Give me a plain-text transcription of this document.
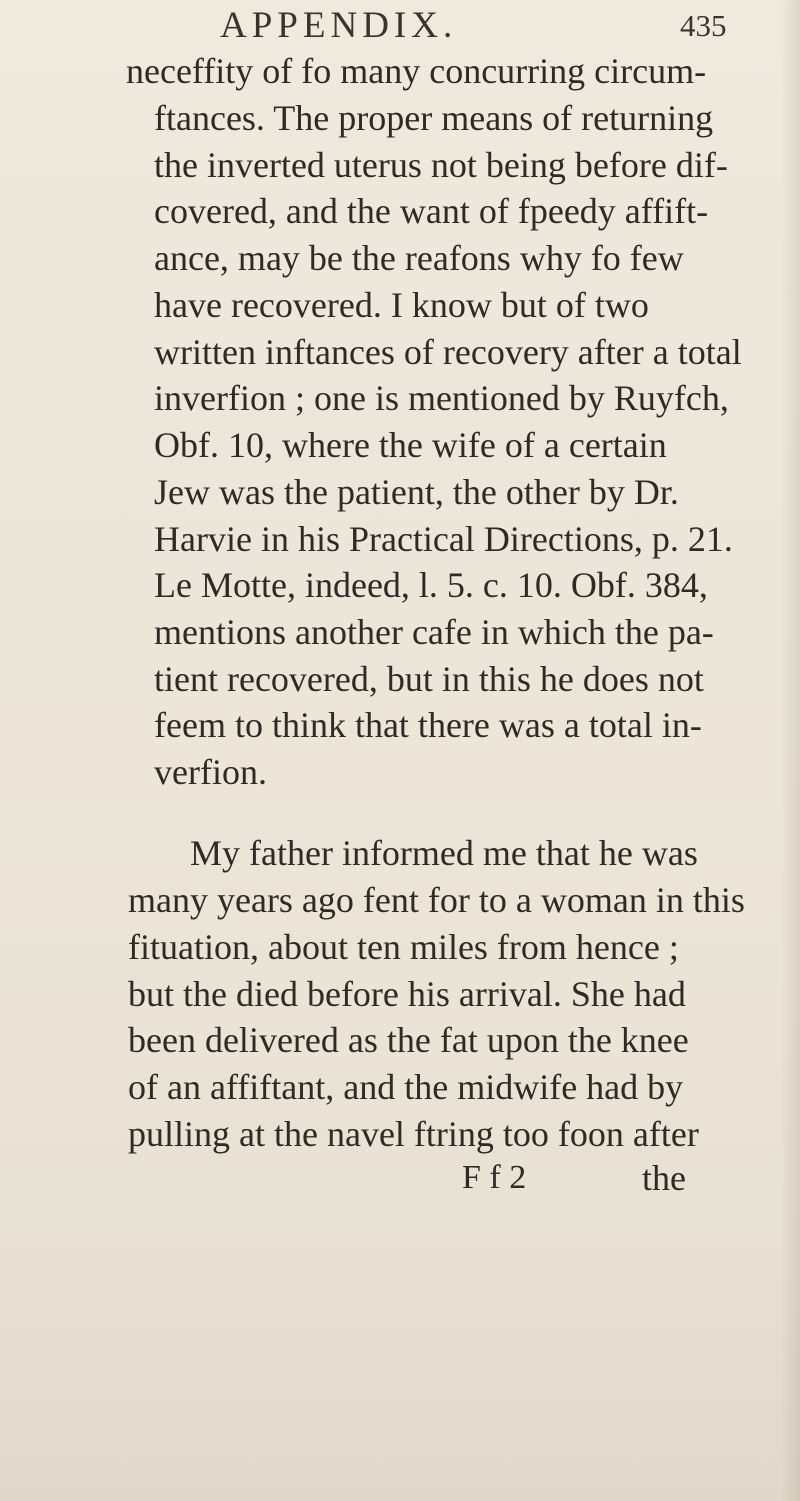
APPENDIX.	435
neceffity of fo many concurring circum-
ftances. The proper means of returning
the inverted uterus not being before dif-
covered, and the want of fpeedy affift-
ance, may be the reafons why fo few
have recovered. I know but of two
written inftances of recovery after a total
inverfion ; one is mentioned by Ruyfch,
Obf. 10, where the wife of a certain
Jew was the patient, the other by Dr.
Harvie in his Practical Directions, p. 21.
Le Motte, indeed, l. 5. c. 10. Obf. 384,
mentions another cafe in which the pa-
tient recovered, but in this he does not
feem to think that there was a total in-
verfion.
My father informed me that he was
many years ago fent for to a woman in this
fituation, about ten miles from hence ;
but the died before his arrival. She had
been delivered as the fat upon the knee
of an affiftant, and the midwife had by
pulling at the navel ftring too foon after
F f 2	the
